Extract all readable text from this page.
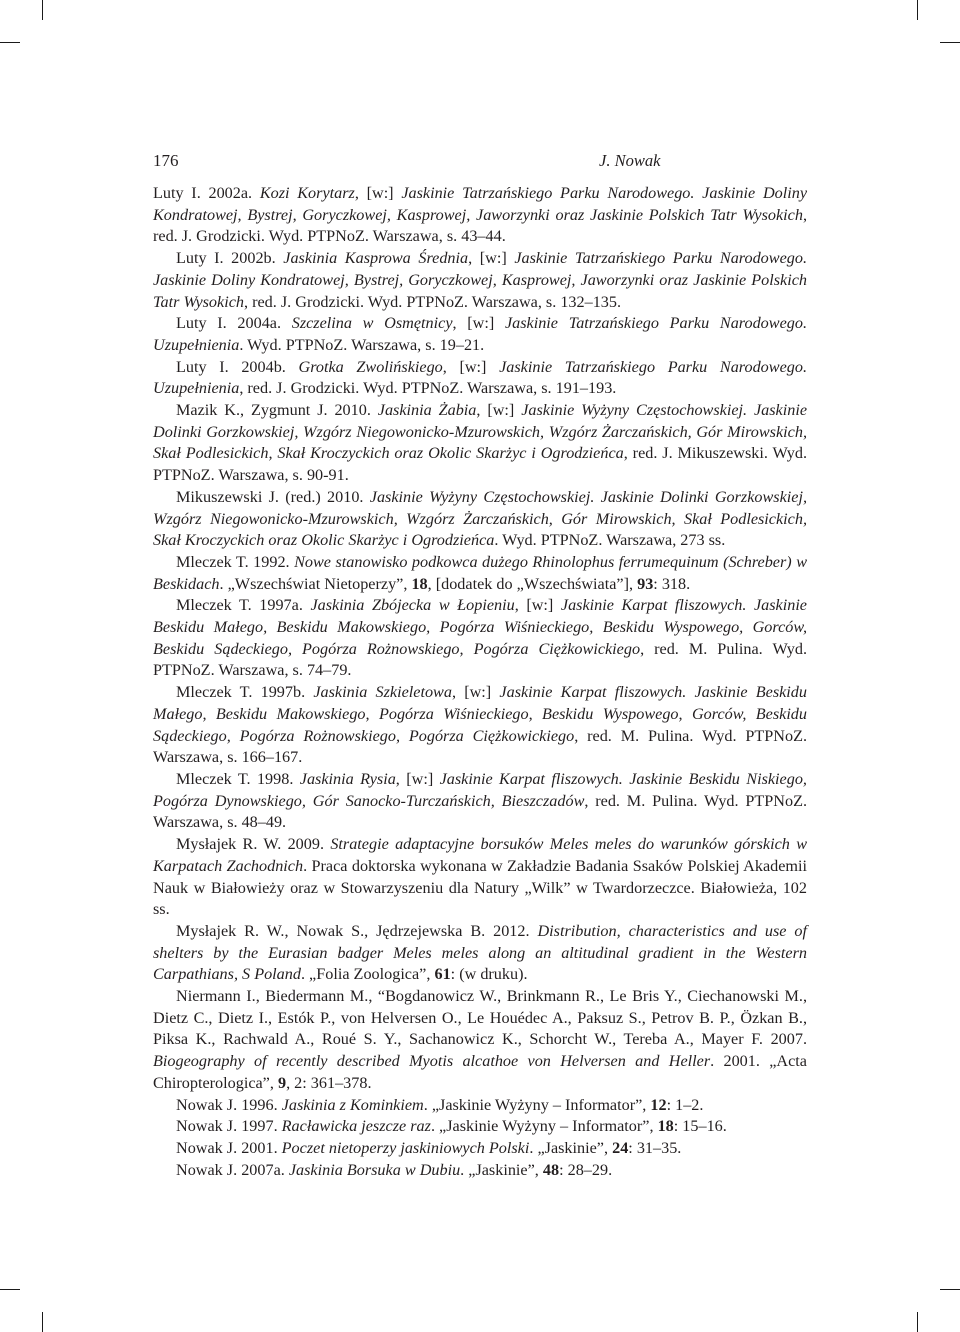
176	J. Nowak

Luty I. 2002a. Kozi Korytarz, [w:] Jaskinie Tatrzańskiego Parku Narodowego. Jaskinie Doliny Kondratowej, Bystrej, Goryczkowej, Kasprowej, Jaworzynki oraz Jaskinie Polskich Tatr Wysokich, red. J. Grodzicki. Wyd. PTPNoZ. Warszawa, s. 43–44.

Luty I. 2002b. Jaskinia Kasprowa Średnia, [w:] Jaskinie Tatrzańskiego Parku Narodowego. Jaskinie Doliny Kondratowej, Bystrej, Goryczkowej, Kasprowej, Jaworzynki oraz Jaskinie Polskich Tatr Wysokich, red. J. Grodzicki. Wyd. PTPNoZ. Warszawa, s. 132–135.

Luty I. 2004a. Szczelina w Osmętnicy, [w:] Jaskinie Tatrzańskiego Parku Narodowego. Uzupełnienia. Wyd. PTPNoZ. Warszawa, s. 19–21.

Luty I. 2004b. Grotka Zwolińskiego, [w:] Jaskinie Tatrzańskiego Parku Narodowego. Uzupełnienia, red. J. Grodzicki. Wyd. PTPNoZ. Warszawa, s. 191–193.

Mazik K., Zygmunt J. 2010. Jaskinia Żabia, [w:] Jaskinie Wyżyny Częstochowskiej. Jaskinie Dolinki Gorzkowskiej, Wzgórz Niegowonicko-Mzurowskich, Wzgórz Żarczańskich, Gór Mirowskich, Skał Podlesickich, Skał Kroczyckich oraz Okolic Skarżyc i Ogrodzieńca, red. J. Mikuszewski. Wyd. PTPNoZ. Warszawa, s. 90-91.

Mikuszewski J. (red.) 2010. Jaskinie Wyżyny Częstochowskiej. Jaskinie Dolinki Gorzkowskiej, Wzgórz Niegowonicko-Mzurowskich, Wzgórz Żarczańskich, Gór Mirowskich, Skał Podlesickich, Skał Kroczyckich oraz Okolic Skarżyc i Ogrodzieńca. Wyd. PTPNoZ. Warszawa, 273 ss.

Mleczek T. 1992. Nowe stanowisko podkowca dużego Rhinolophus ferrumequinum (Schreber) w Beskidach. „Wszechświat Nietoperzy”, 18, [dodatek do „Wszechświata”], 93: 318.

Mleczek T. 1997a. Jaskinia Zbójecka w Łopieniu, [w:] Jaskinie Karpat fliszowych. Jaskinie Beskidu Małego, Beskidu Makowskiego, Pogórza Wiśnieckiego, Beskidu Wyspowego, Gorców, Beskidu Sądeckiego, Pogórza Rożnowskiego, Pogórza Ciężkowickiego, red. M. Pulina. Wyd. PTPNoZ. Warszawa, s. 74–79.

Mleczek T. 1997b. Jaskinia Szkieletowa, [w:] Jaskinie Karpat fliszowych. Jaskinie Beskidu Małego, Beskidu Makowskiego, Pogórza Wiśnieckiego, Beskidu Wyspowego, Gorców, Beskidu Sądeckiego, Pogórza Rożnowskiego, Pogórza Ciężkowickiego, red. M. Pulina. Wyd. PTPNoZ. Warszawa, s. 166–167.

Mleczek T. 1998. Jaskinia Rysia, [w:] Jaskinie Karpat fliszowych. Jaskinie Beskidu Niskiego, Pogórza Dynowskiego, Gór Sanocko-Turczańskich, Bieszczadów, red. M. Pulina. Wyd. PTPNoZ. Warszawa, s. 48–49.

Mysłajek R. W. 2009. Strategie adaptacyjne borsuków Meles meles do warunków górskich w Karpatach Zachodnich. Praca doktorska wykonana w Zakładzie Badania Ssaków Polskiej Akademii Nauk w Białowieży oraz w Stowarzyszeniu dla Natury „Wilk” w Twardorzeczce. Białowieża, 102 ss.

Mysłajek R. W., Nowak S., Jędrzejewska B. 2012. Distribution, characteristics and use of shelters by the Eurasian badger Meles meles along an altitudinal gradient in the Western Carpathians, S Poland. „Folia Zoologica”, 61: (w druku).

Niermann I., Biedermann M., “Bogdanowicz W., Brinkmann R., Le Bris Y., Ciechanowski M., Dietz C., Dietz I., Estók P., von Helversen O., Le Houédec A., Paksuz S., Petrov B. P., Özkan B., Piksa K., Rachwald A., Roué S. Y., Sachanowicz K., Schorcht W., Tereba A., Mayer F. 2007. Biogeography of recently described Myotis alcathoe von Helversen and Heller. 2001. „Acta Chiropterologica”, 9, 2: 361–378.

Nowak J. 1996. Jaskinia z Kominkiem. „Jaskinie Wyżyny – Informator”, 12: 1–2.

Nowak J. 1997. Racławicka jeszcze raz. „Jaskinie Wyżyny – Informator”, 18: 15–16.

Nowak J. 2001. Poczet nietoperzy jaskiniowych Polski. „Jaskinie”, 24: 31–35.

Nowak J. 2007a. Jaskinia Borsuka w Dubiu. „Jaskinie”, 48: 28–29.
